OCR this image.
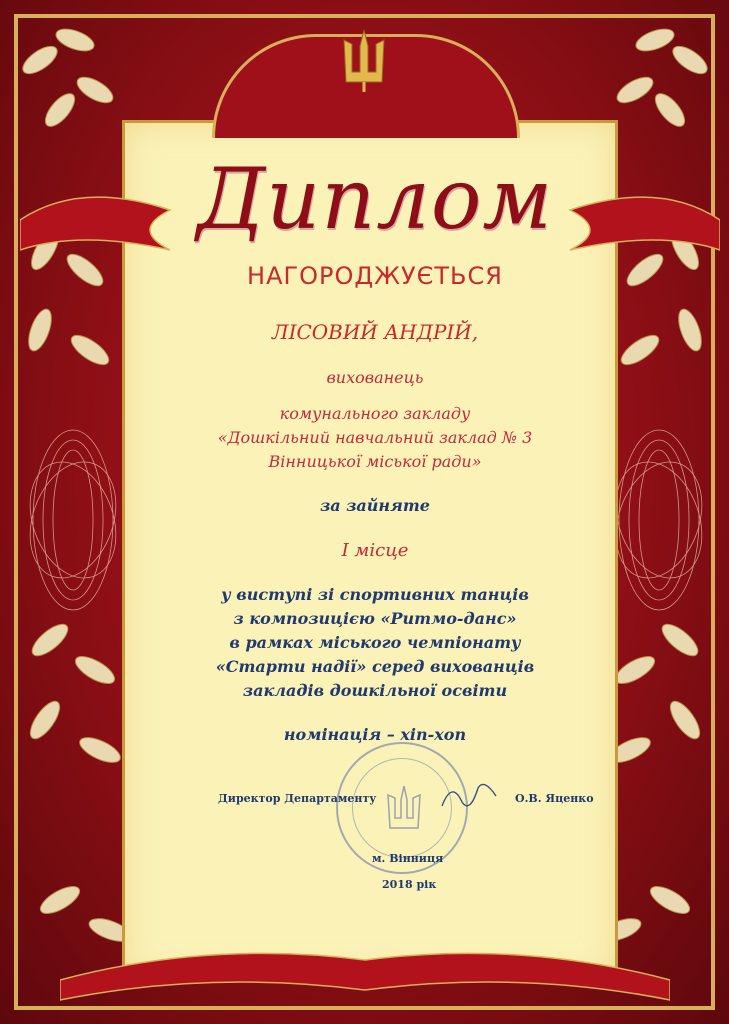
Диплом
НАГОРОДЖУЄТЬСЯ
ЛІСОВИЙ АНДРІЙ,
вихованець
комунального закладу
«Дошкільний навчальний заклад № 3
Вінницької міської ради»
за зайняте
І місце
у виступі зі спортивних танців
з композицією «Ритмо-данс»
в рамках міського чемпіонату
«Старти надії» серед вихованців
закладів дошкільної освіти
номінація – хіп-хоп
Директор Департаменту	О.В. Яценко
м. Вінниця
2018 рік
